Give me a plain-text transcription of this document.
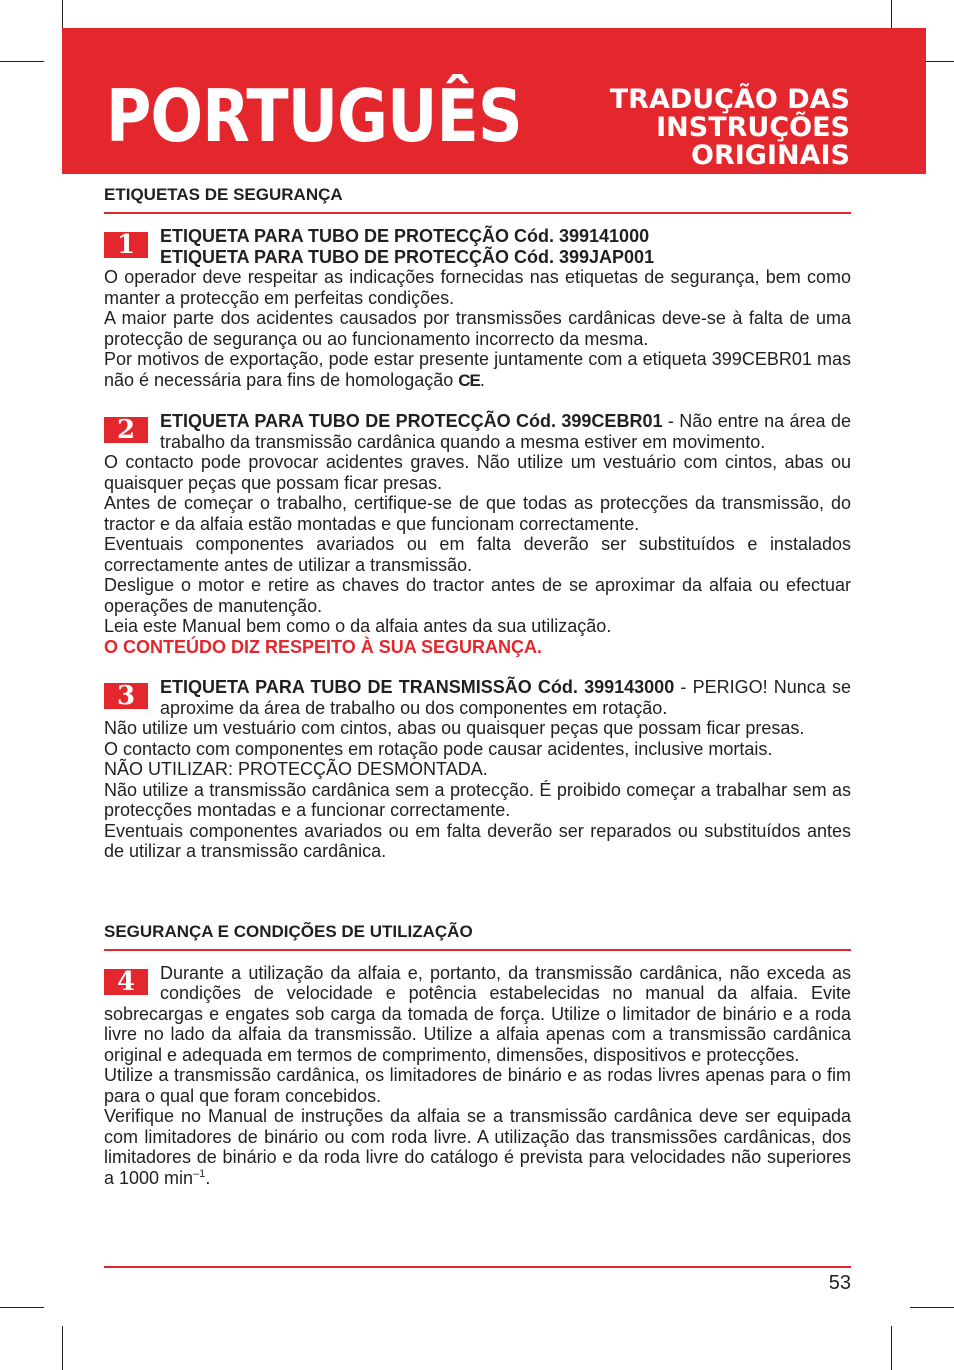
PORTUGUÊS	TRADUÇÃO DAS
INSTRUÇÕES ORIGINAIS
ETIQUETAS DE SEGURANÇA
1	ETIQUETA PARA TUBO DE PROTECÇÃO Cód. 399141000
ETIQUETA PARA TUBO DE PROTECÇÃO Cód. 399JAP001

O operador deve respeitar as indicações fornecidas nas etiquetas de segurança, bem como manter a protecção em perfeitas condições.

A maior parte dos acidentes causados por transmissões cardânicas deve-se à falta de uma protecção de segurança ou ao funcionamento incorrecto da mesma.

Por motivos de exportação, pode estar presente juntamente com a etiqueta 399CEBR01 mas não é necessária para fins de homologação CE.

2	ETIQUETA PARA TUBO DE PROTECÇÃO Cód. 399CEBR01 - Não entre na área de trabalho da transmissão cardânica quando a mesma estiver em movimento.

O contacto pode provocar acidentes graves. Não utilize um vestuário com cintos, abas ou quaisquer peças que possam ficar presas.

Antes de começar o trabalho, certifique-se de que todas as protecções da transmissão, do tractor e da alfaia estão montadas e que funcionam correctamente.

Eventuais componentes avariados ou em falta deverão ser substituídos e instalados correctamente antes de utilizar a transmissão.

Desligue o motor e retire as chaves do tractor antes de se aproximar da alfaia ou efectuar operações de manutenção.

Leia este Manual bem como o da alfaia antes da sua utilização.

O CONTEÚDO DIZ RESPEITO À SUA SEGURANÇA.

3	ETIQUETA PARA TUBO DE TRANSMISSÃO Cód. 399143000 - PERIGO! Nunca se aproxime da área de trabalho ou dos componentes em rotação.

Não utilize um vestuário com cintos, abas ou quaisquer peças que possam ficar presas.

O contacto com componentes em rotação pode causar acidentes, inclusive mortais.

NÃO UTILIZAR: PROTECÇÃO DESMONTADA.

Não utilize a transmissão cardânica sem a protecção. É proibido começar a trabalhar sem as protecções montadas e a funcionar correctamente.

Eventuais componentes avariados ou em falta deverão ser reparados ou substituídos antes de utilizar a transmissão cardânica.

SEGURANÇA E CONDIÇÕES DE UTILIZAÇÃO
4	Durante a utilização da alfaia e, portanto, da transmissão cardânica, não exceda as condições de velocidade e potência estabelecidas no manual da alfaia. Evite sobrecargas e engates sob carga da tomada de força. Utilize o limitador de binário e a roda livre no lado da alfaia da transmissão. Utilize a alfaia apenas com a transmissão cardânica original e adequada em termos de comprimento, dimensões, dispositivos e protecções.

Utilize a transmissão cardânica, os limitadores de binário e as rodas livres apenas para o fim para o qual que foram concebidos.

Verifique no Manual de instruções da alfaia se a transmissão cardânica deve ser equipada com limitadores de binário ou com roda livre. A utilização das transmissões cardânicas, dos limitadores de binário e da roda livre do catálogo é prevista para velocidades não superiores a 1000 $\min^{-1}$.

53
